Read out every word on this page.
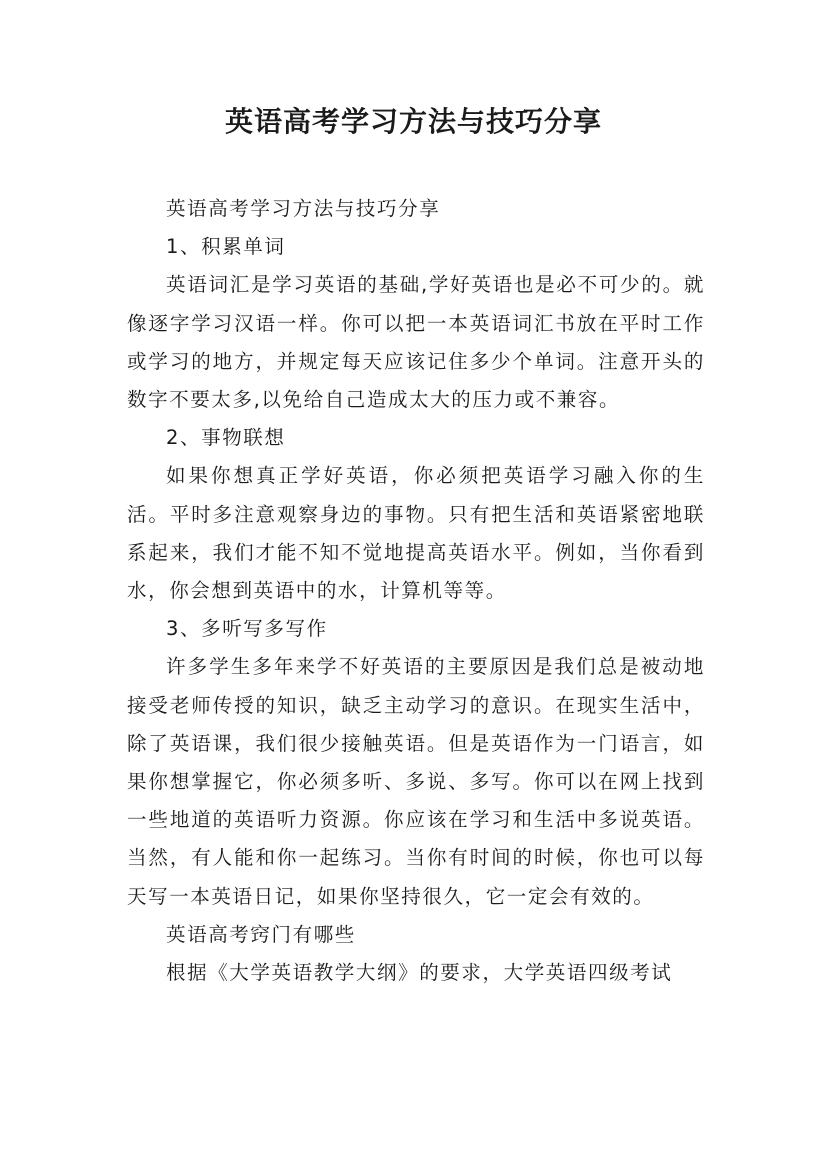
英语高考学习方法与技巧分享

英语高考学习方法与技巧分享

1、积累单词

英语词汇是学习英语的基础,学好英语也是必不可少的。就像逐字学习汉语一样。你可以把一本英语词汇书放在平时工作或学习的地方，并规定每天应该记住多少个单词。注意开头的数字不要太多,以免给自己造成太大的压力或不兼容。

2、事物联想

如果你想真正学好英语，你必须把英语学习融入你的生活。平时多注意观察身边的事物。只有把生活和英语紧密地联系起来，我们才能不知不觉地提高英语水平。例如，当你看到水，你会想到英语中的水，计算机等等。

3、多听写多写作

许多学生多年来学不好英语的主要原因是我们总是被动地接受老师传授的知识，缺乏主动学习的意识。在现实生活中，除了英语课，我们很少接触英语。但是英语作为一门语言，如果你想掌握它，你必须多听、多说、多写。你可以在网上找到一些地道的英语听力资源。你应该在学习和生活中多说英语。当然，有人能和你一起练习。当你有时间的时候，你也可以每天写一本英语日记，如果你坚持很久，它一定会有效的。

英语高考窍门有哪些

根据《大学英语教学大纲》的要求，大学英语四级考试
